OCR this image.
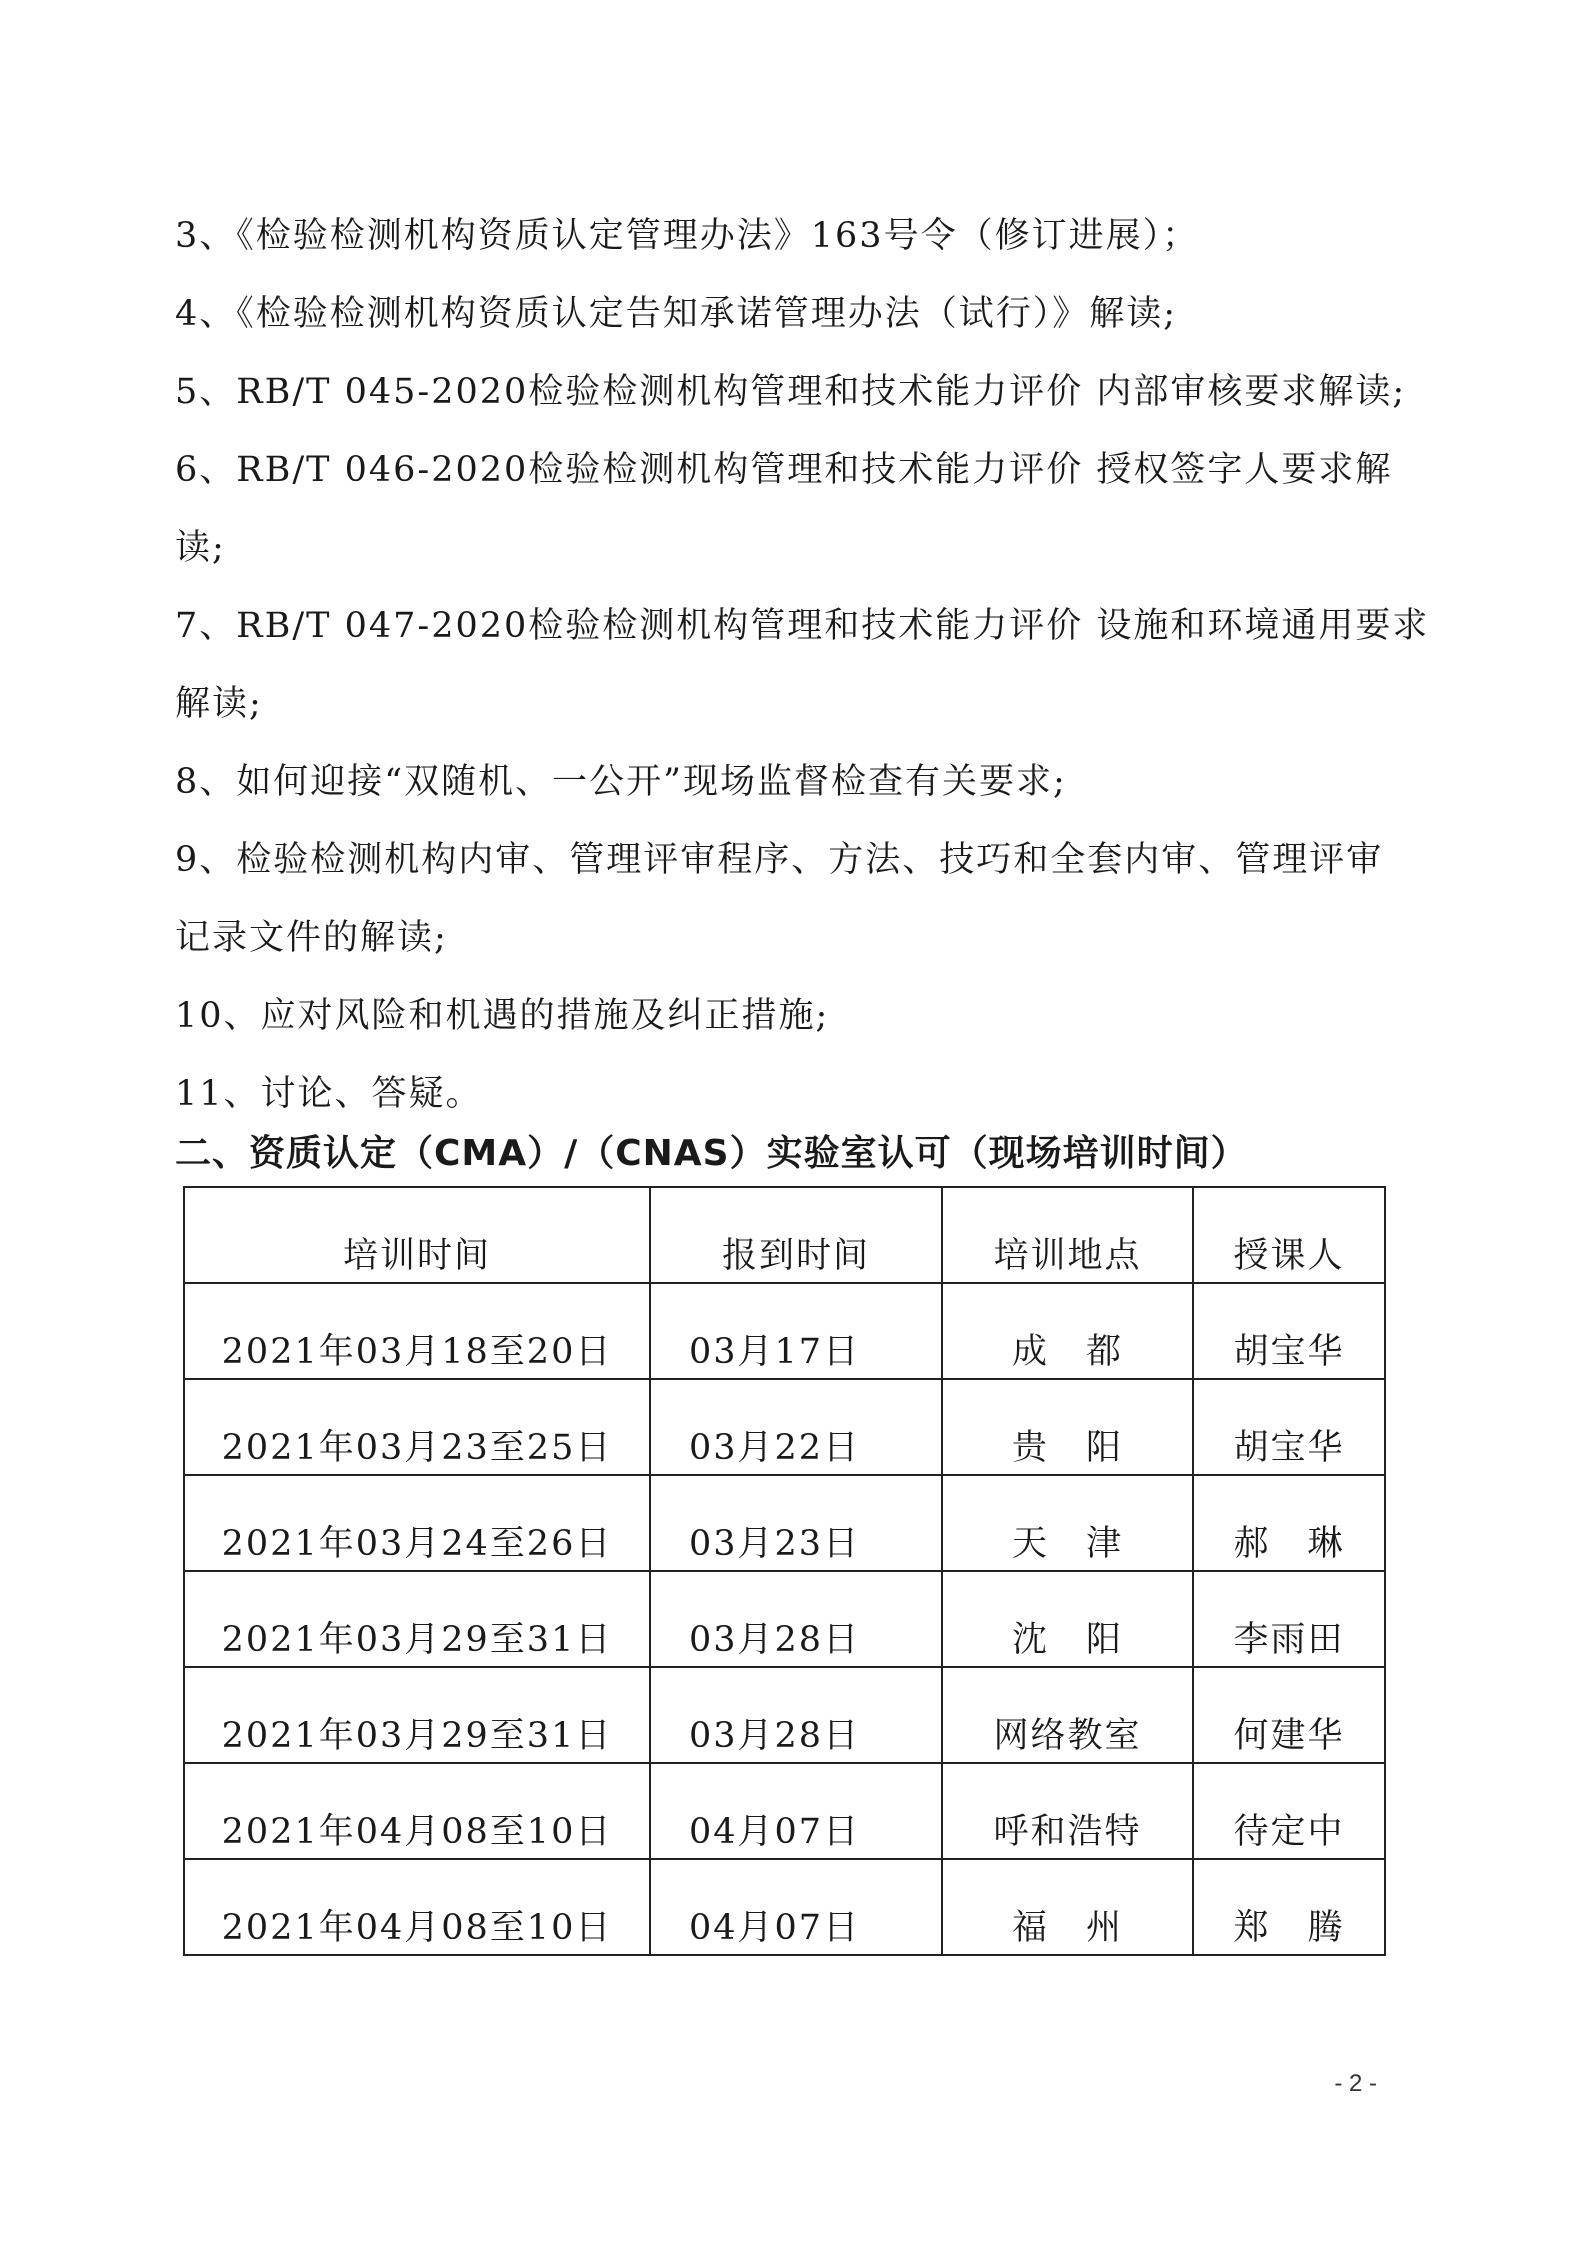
3、《检验检测机构资质认定管理办法》163号令（修订进展）；

4、《检验检测机构资质认定告知承诺管理办法（试行）》解读;

5、RB/T 045-2020检验检测机构管理和技术能力评价 内部审核要求解读;

6、RB/T 046-2020检验检测机构管理和技术能力评价 授权签字人要求解

读;

7、RB/T 047-2020检验检测机构管理和技术能力评价 设施和环境通用要求

解读;

8、如何迎接“双随机、一公开”现场监督检查有关要求;

9、检验检测机构内审、管理评审程序、方法、技巧和全套内审、管理评审

记录文件的解读;

10、应对风险和机遇的措施及纠正措施;

11、讨论、答疑。

二、资质认定（CMA）/（CNAS）实验室认可（现场培训时间）
培训时间	报到时间	培训地点	授课人

2021年03月18至20日	03月17日	成　都	胡宝华

2021年03月23至25日	03月22日	贵　阳	胡宝华

2021年03月24至26日	03月23日	天　津	郝　琳

2021年03月29至31日	03月28日	沈　阳	李雨田

2021年03月29至31日	03月28日	网络教室	何建华

2021年04月08至10日	04月07日	呼和浩特	待定中

2021年04月08至10日	04月07日	福　州	郑　腾
- 2 -
